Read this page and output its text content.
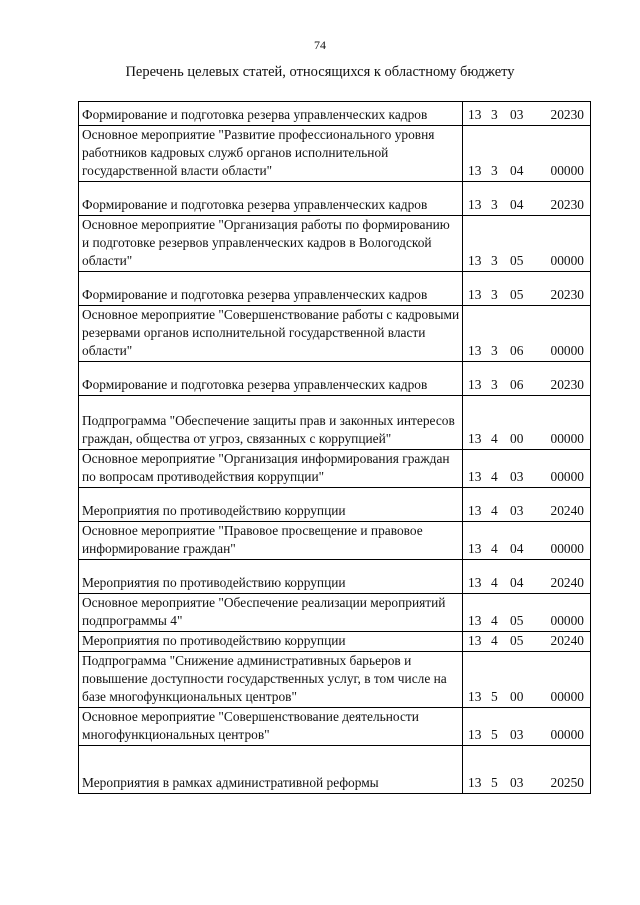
74
Перечень целевых статей, относящихся к областному бюджету
Формирование и подготовка резерва управленческих кадров	13 3 03 20230

Основное мероприятие "Развитие профессионального уровня работников кадровых служб органов исполнительной государственной власти области"	13 3 04 00000

Формирование и подготовка резерва управленческих кадров	13 3 04 20230

Основное мероприятие "Организация работы по формированию и подготовке резервов управленческих кадров в Вологодской области"	13 3 05 00000

Формирование и подготовка резерва управленческих кадров	13 3 05 20230

Основное мероприятие "Совершенствование работы с кадровыми резервами органов исполнительной государственной власти области"	13 3 06 00000

Формирование и подготовка резерва управленческих кадров	13 3 06 20230

Подпрограмма "Обеспечение защиты прав и законных интересов граждан, общества от угроз, связанных с коррупцией"	13 4 00 00000

Основное мероприятие "Организация информирования граждан по вопросам противодействия коррупции"	13 4 03 00000

Мероприятия по противодействию коррупции	13 4 03 20240

Основное мероприятие "Правовое просвещение и правовое информирование граждан"	13 4 04 00000

Мероприятия по противодействию коррупции	13 4 04 20240

Основное мероприятие "Обеспечение реализации мероприятий подпрограммы 4"	13 4 05 00000

Мероприятия по противодействию коррупции	13 4 05 20240

Подпрограмма "Снижение административных барьеров и повышение доступности государственных услуг, в том числе на базе многофункциональных центров"	13 5 00 00000

Основное мероприятие "Совершенствование деятельности многофункциональных центров"	13 5 03 00000

Мероприятия в рамках административной реформы	13 5 03 20250
